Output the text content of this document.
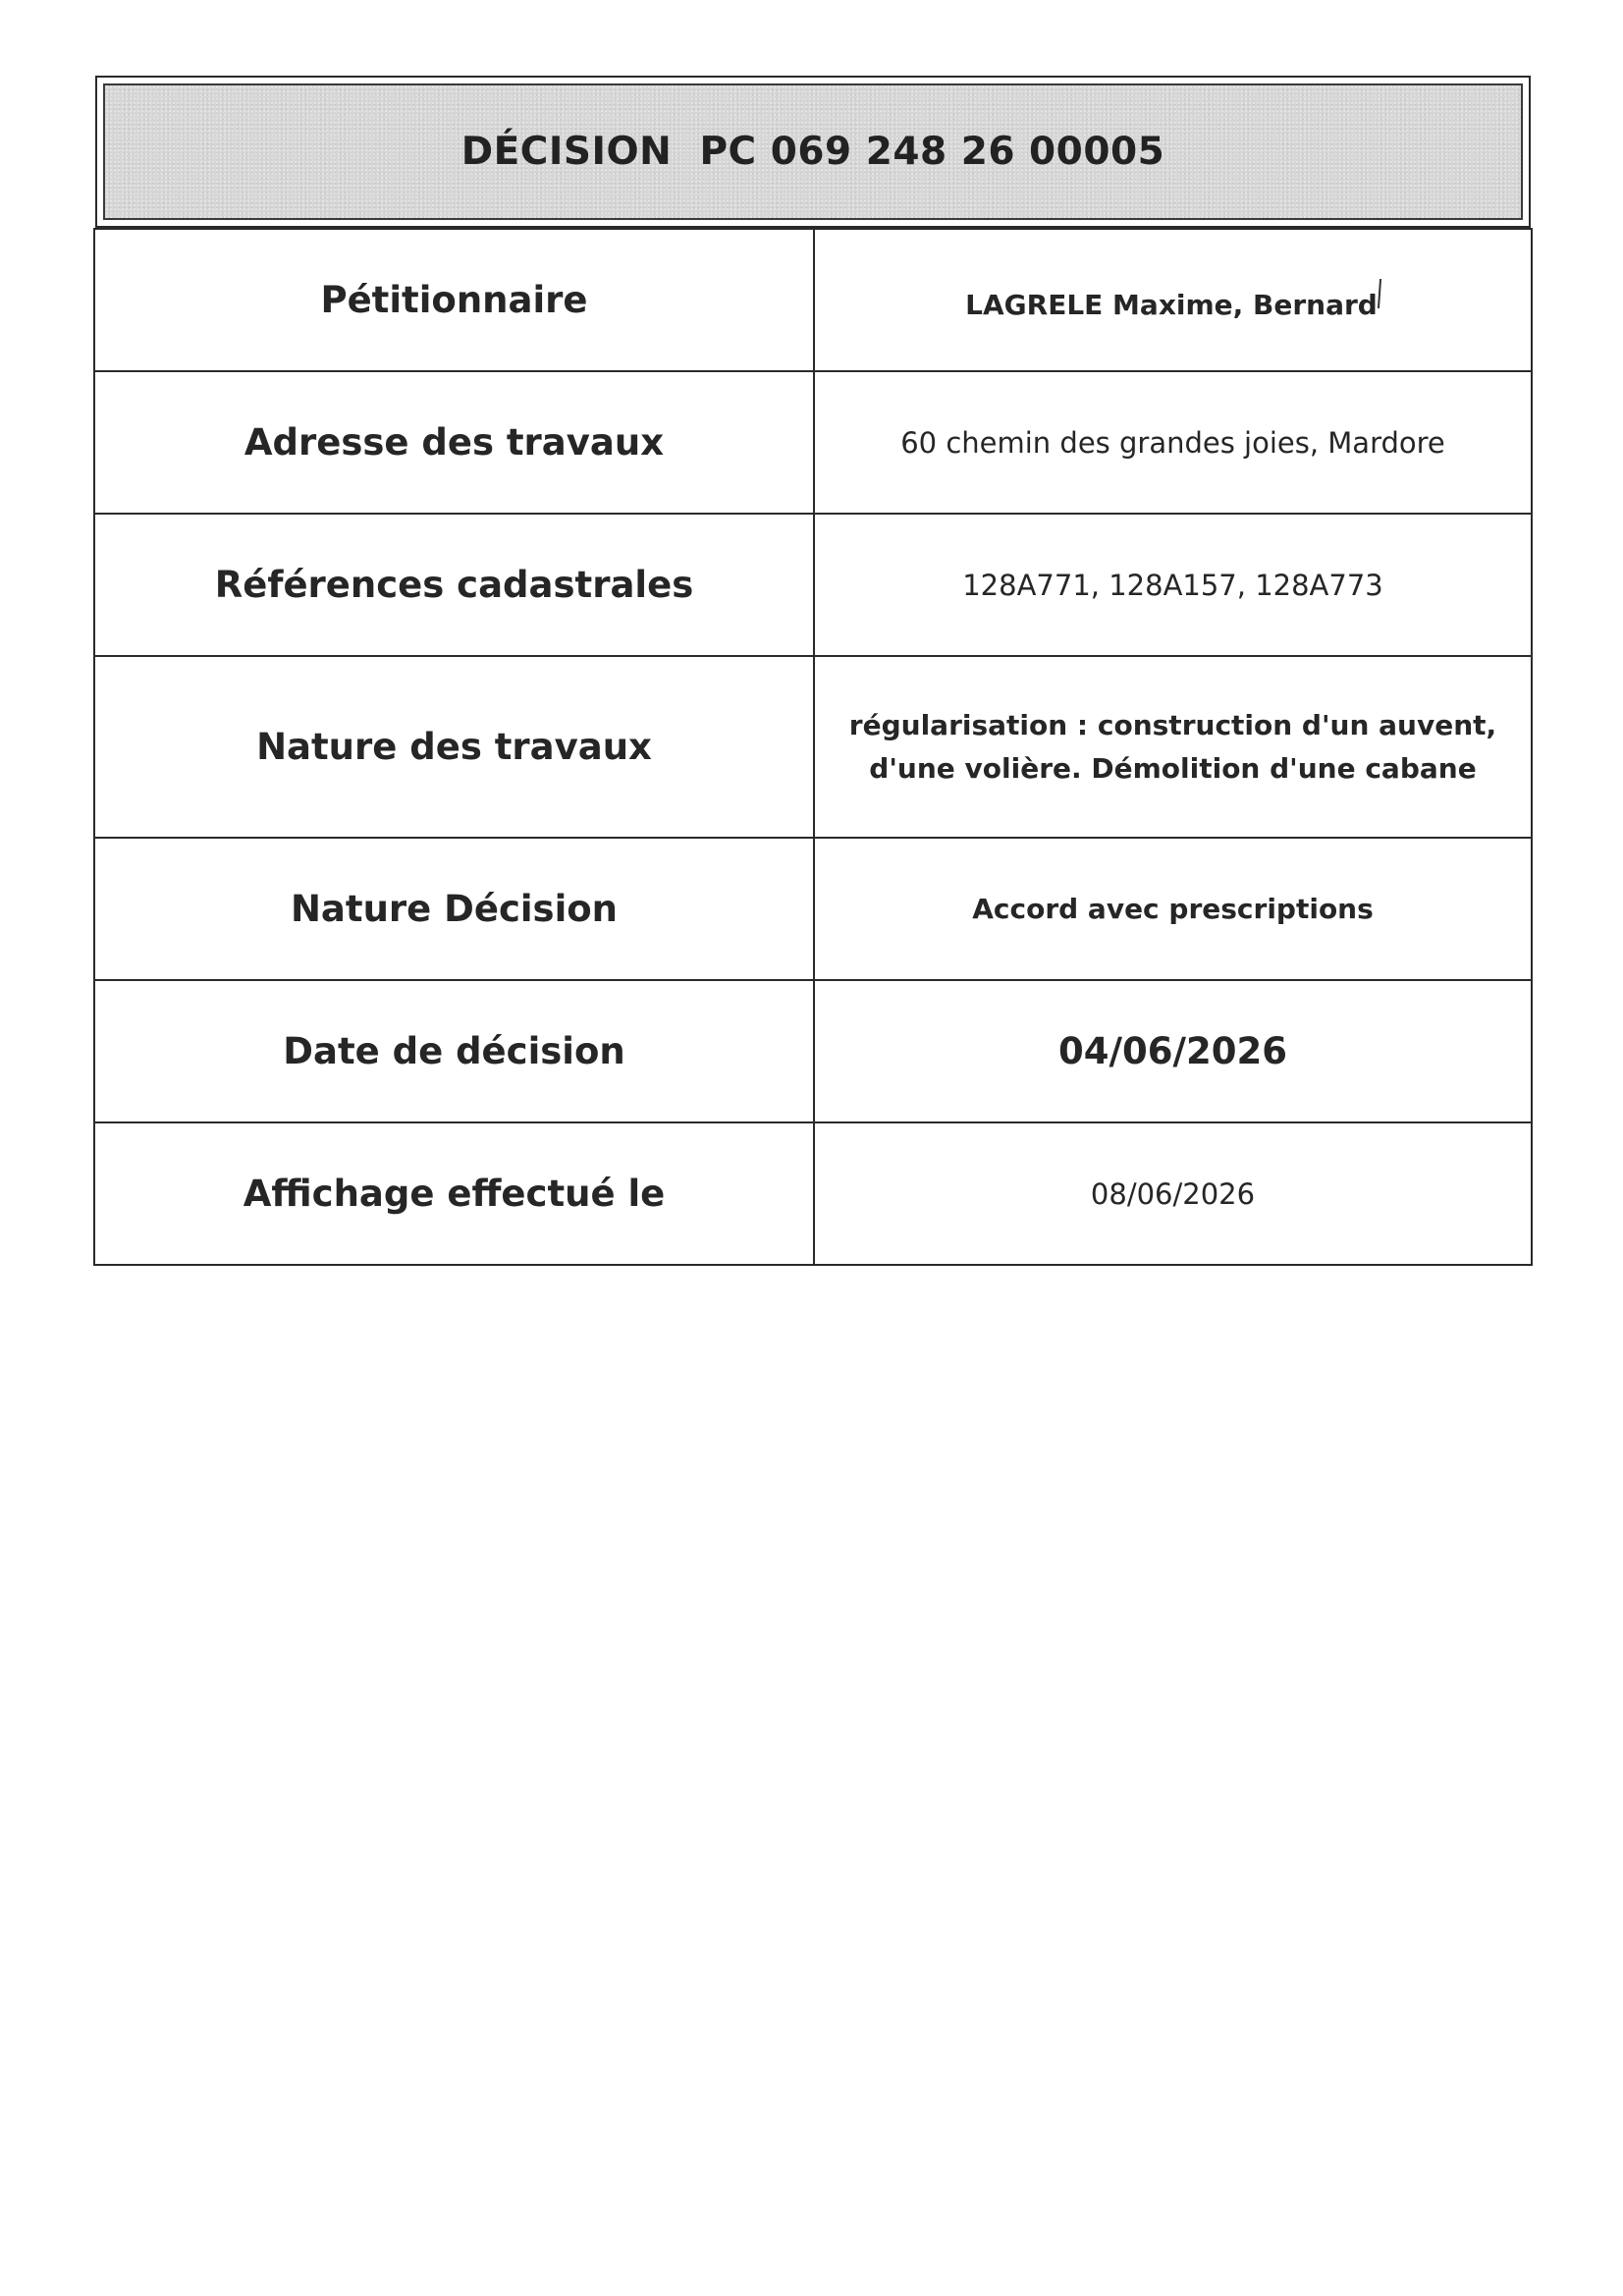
DÉCISION  PC 069 248 26 00005
Pétitionnaire	LAGRELE Maxime, Bernard
Adresse des travaux	60 chemin des grandes joies, Mardore
Références cadastrales	128A771, 128A157, 128A773
Nature des travaux	régularisation : construction d'un auvent, d'une volière. Démolition d'une cabane
Nature Décision	Accord avec prescriptions
Date de décision	04/06/2026
Affichage effectué le	08/06/2026
